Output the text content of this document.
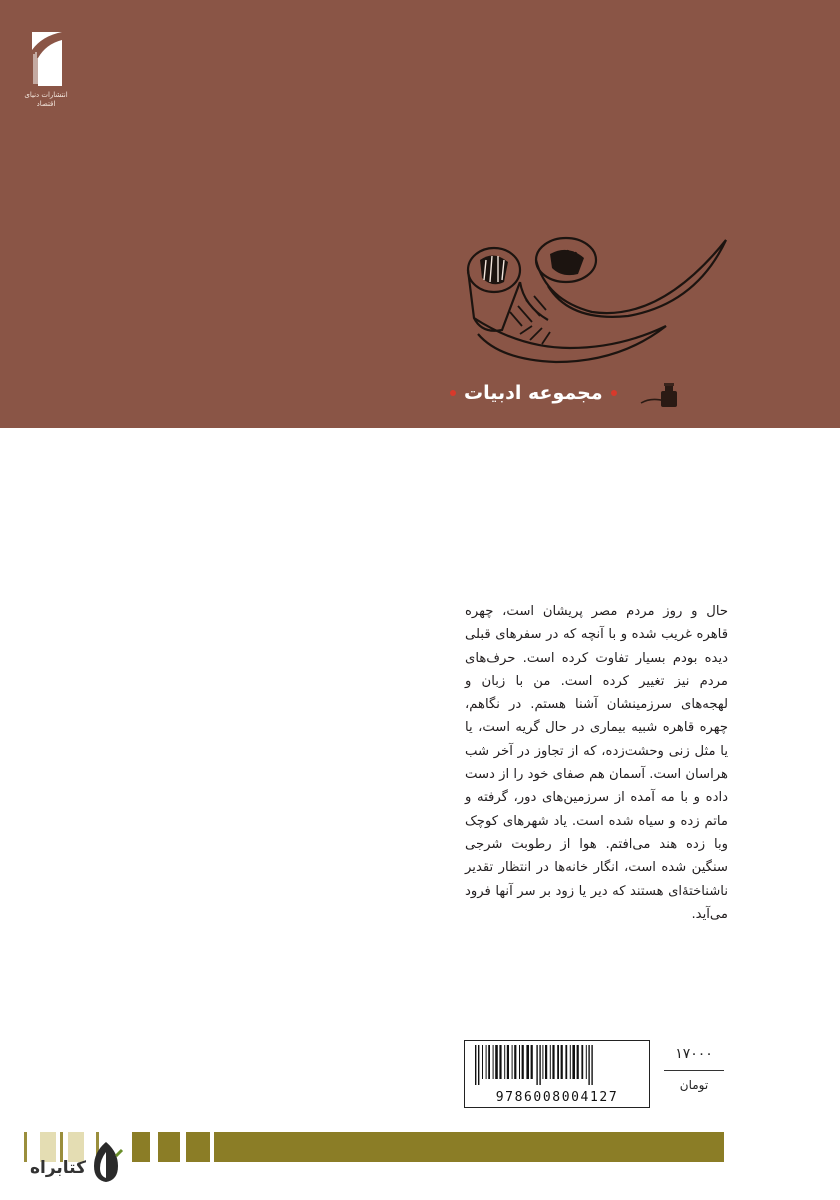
انتشارات دنیای اقتصاد
مجموعه ادبیات

حال و روز مردم مصر پریشان است، چهره قاهره غریب شده و با آنچه که در سفرهای قبلی دیده بودم بسیار تفاوت کرده است. حرف‌های مردم نیز تغییر کرده است. من با زبان و لهجه‌های سرزمینشان آشنا هستم. در نگاهم، چهره قاهره شبیه بیماری در حال گریه است، یا یا مثل زنی وحشت‌زده، که از تجاوز در آخر شب هراسان است. آسمان هم صفای خود را از دست داده و با مه آمده از سرزمین‌های دور، گرفته و ماتم زده و سیاه شده است. یاد شهرهای کوچک وبا زده هند می‌افتم. هوا از رطوبت شرجی سنگین شده است، انگار خانه‌ها در انتظار تقدیر ناشناختهٔ‌ای هستند که دیر یا زود بر سر آنها فرود می‌آید.

9786008004127
۱۷۰۰۰
تومان
کتابراه
